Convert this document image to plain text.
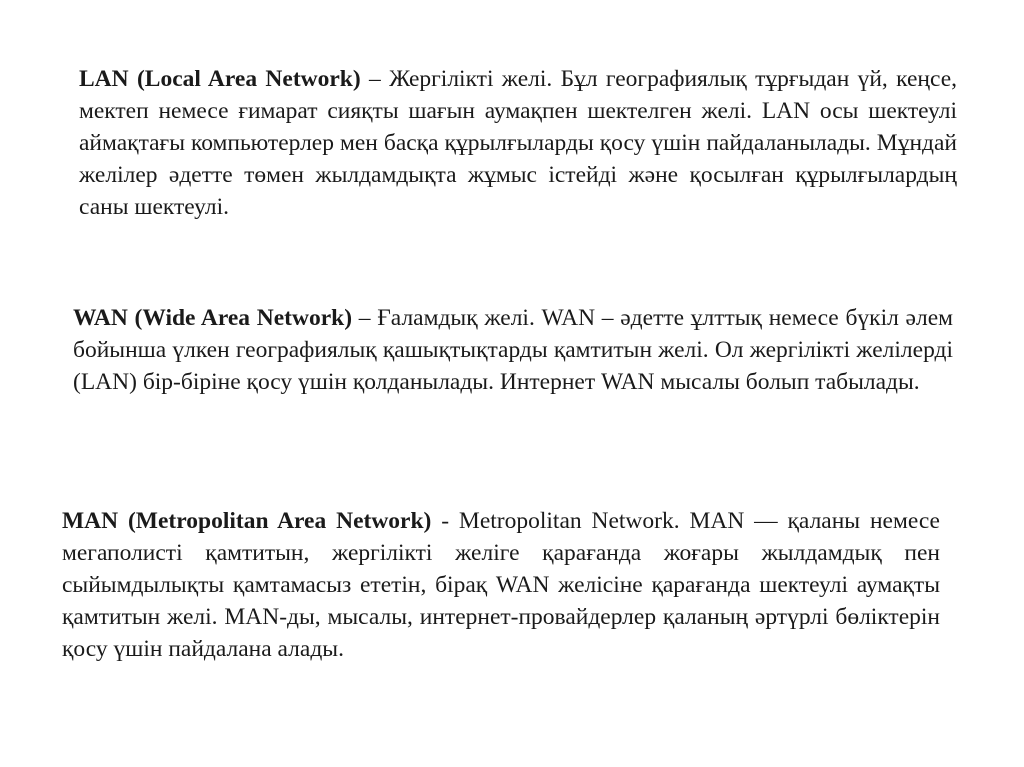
LAN (Local Area Network) – Жергілікті желі. Бұл географиялық тұрғыдан үй, кеңсе, мектеп немесе ғимарат сияқты шағын аумақпен шектелген желі. LAN осы шектеулі аймақтағы компьютерлер мен басқа құрылғыларды қосу үшін пайдаланылады. Мұндай желілер әдетте төмен жылдамдықта жұмыс істейді және қосылған құрылғылардың саны шектеулі.

WAN (Wide Area Network) – Ғаламдық желі. WAN – әдетте ұлттық немесе бүкіл әлем бойынша үлкен географиялық қашықтықтарды қамтитын желі. Ол жергілікті желілерді (LAN) бір-біріне қосу үшін қолданылады. Интернет WAN мысалы болып табылады.

MAN (Metropolitan Area Network) - Metropolitan Network. MAN — қаланы немесе мегаполисті қамтитын, жергілікті желіге қарағанда жоғары жылдамдық пен сыйымдылықты қамтамасыз ететін, бірақ WAN желісіне қарағанда шектеулі аумақты қамтитын желі. MAN-ды, мысалы, интернет-провайдерлер қаланың әртүрлі бөліктерін қосу үшін пайдалана алады.
